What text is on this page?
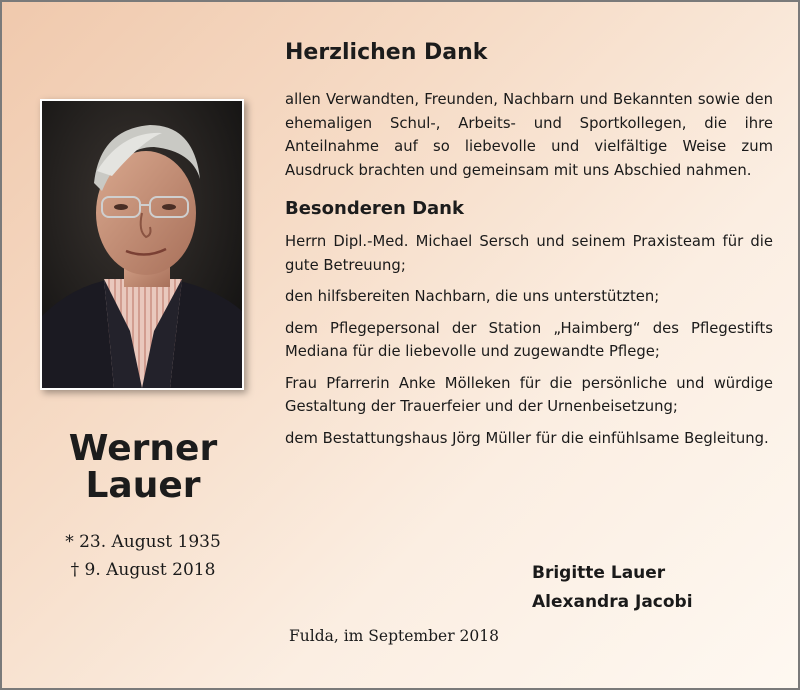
Werner
Lauer
* 23. August 1935
† 9. August 2018
Herzlichen Dank

allen Verwandten, Freunden, Nachbarn und Bekannten sowie den ehemaligen Schul-, Arbeits- und Sportkollegen, die ihre Anteilnahme auf so liebevolle und vielfältige Weise zum Ausdruck brachten und gemeinsam mit uns Abschied nahmen.

Besonderen Dank

Herrn Dipl.-Med. Michael Sersch und seinem Praxisteam für die gute Betreuung;

den hilfsbereiten Nachbarn, die uns unterstützten;

dem Pflegepersonal der Station „Haimberg“ des Pflegestifts Mediana für die liebevolle und zugewandte Pflege;

Frau Pfarrerin Anke Mölleken für die persönliche und würdige Gestaltung der Trauerfeier und der Urnenbeisetzung;

dem Bestattungshaus Jörg Müller für die einfühlsame Begleitung.

Brigitte Lauer
Alexandra Jacobi
Fulda, im September 2018
